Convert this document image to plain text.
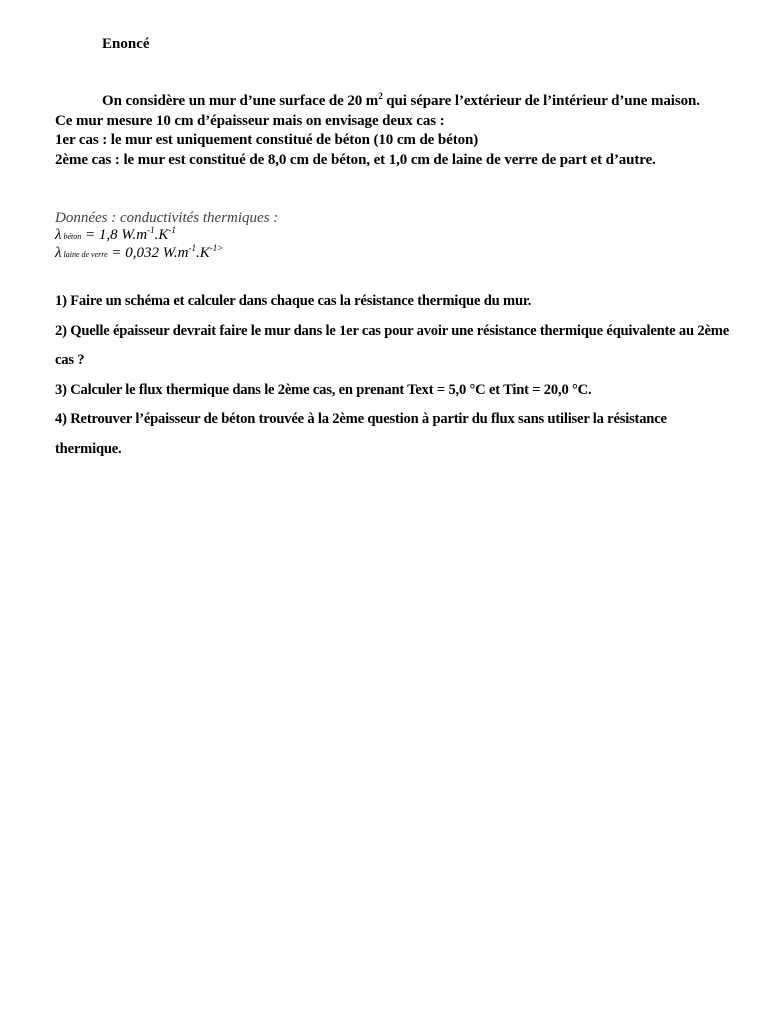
Enoncé
On considère un mur d’une surface de 20 $m^2$ qui sépare l’extérieur de l’intérieur d’une maison.
Ce mur mesure 10 cm d’épaisseur mais on envisage deux cas :
1er cas : le mur est uniquement constitué de béton (10 cm de béton)
2ème cas : le mur est constitué de 8,0 cm de béton, et 1,0 cm de laine de verre de part et d’autre.
Données : conductivités thermiques :
λ béton = 1,8 $W.m^{-1}.K^{-1}$
λ laine de verre = 0,032 $W.m^{-1}.K^{-1>}$

1) Faire un schéma et calculer dans chaque cas la résistance thermique du mur.

2) Quelle épaisseur devrait faire le mur dans le 1er cas pour avoir une résistance thermique équivalente au 2ème cas ?

3) Calculer le flux thermique dans le 2ème cas, en prenant Text = 5,0 °C et Tint = 20,0 °C.

4) Retrouver l’épaisseur de béton trouvée à la 2ème question à partir du flux sans utiliser la résistance thermique.
